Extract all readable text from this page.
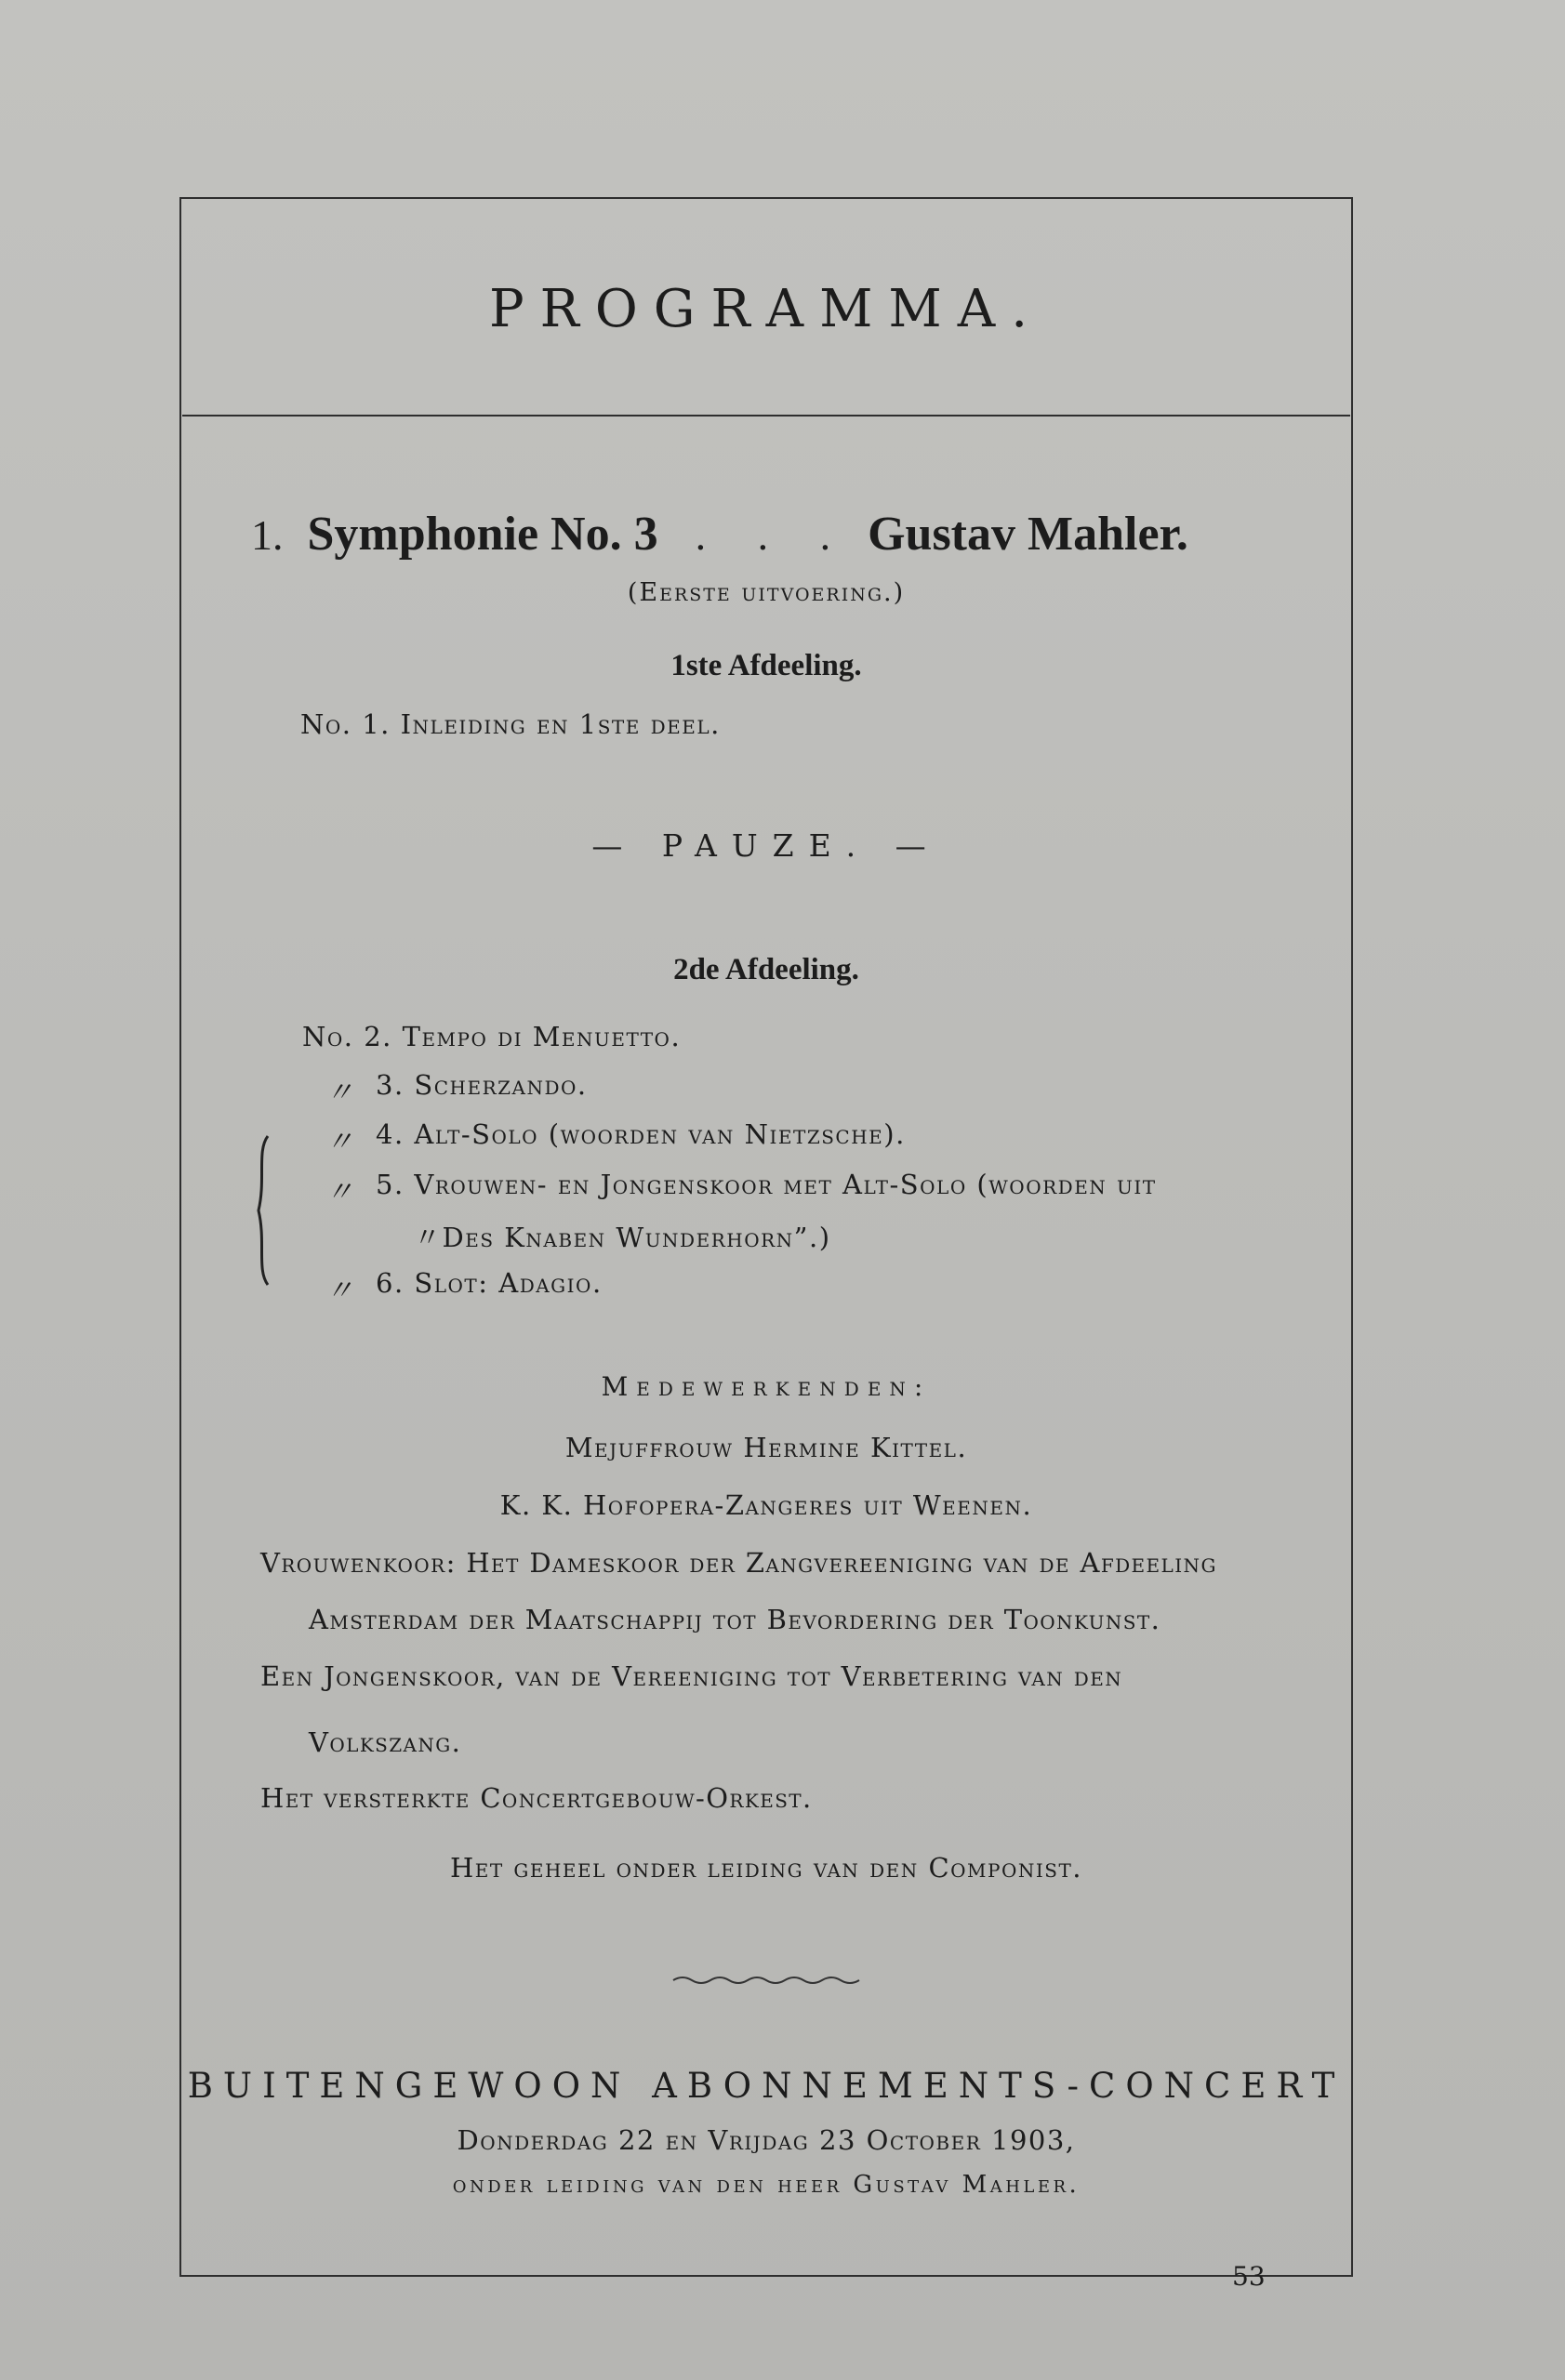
PROGRAMMA.
1. Symphonie No. 3 . . . Gustav Mahler.
(Eerste uitvoering.)
1ste Afdeeling.
No. 1. Inleiding en 1ste deel.
— PAUZE. —
2de Afdeeling.
No. 2. Tempo di Menuetto.
〃 3. Scherzando.
〃 4. Alt-Solo (woorden van Nietzsche).
〃 5. Vrouwen- en Jongenskoor met Alt-Solo (woorden uit
〃Des Knaben Wunderhorn”.)
〃 6. Slot: Adagio.
Medewerkenden:
Mejuffrouw Hermine Kittel.
K. K. Hofopera-Zangeres uit Weenen.
Vrouwenkoor: Het Dameskoor der Zangvereeniging van de Afdeeling
Amsterdam der Maatschappij tot Bevordering der Toonkunst.
Een Jongenskoor, van de Vereeniging tot Verbetering van den
Volkszang.
Het versterkte Concertgebouw-Orkest.
Het geheel onder leiding van den Componist.
BUITENGEWOON ABONNEMENTS-CONCERT
Donderdag 22 en Vrijdag 23 October 1903,
onder leiding van den heer Gustav Mahler.
53
